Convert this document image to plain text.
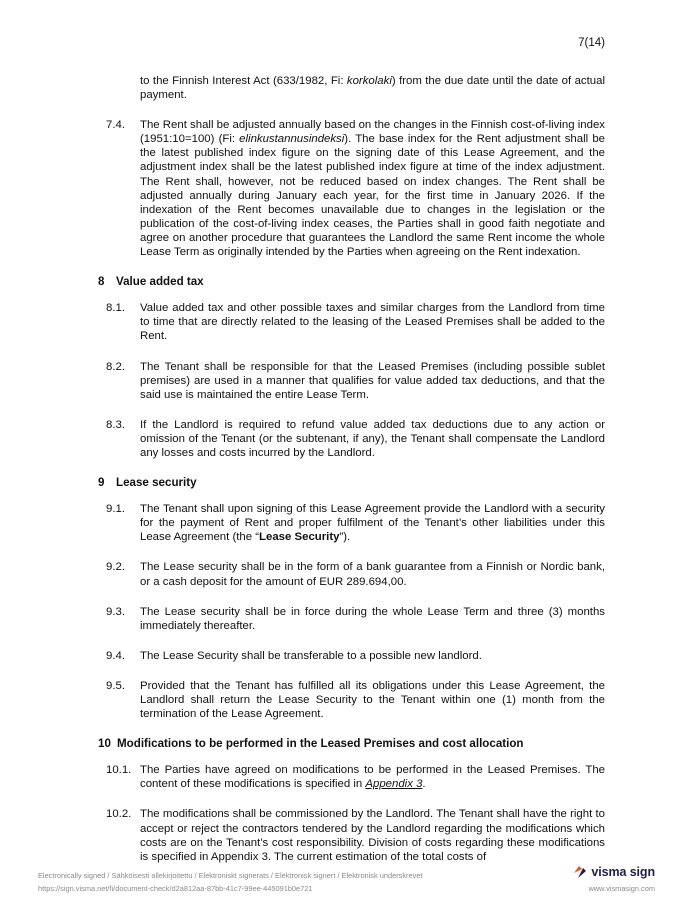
7(14)

to the Finnish Interest Act (633/1982, Fi: korkolaki) from the due date until the date of actual payment.

7.4. The Rent shall be adjusted annually based on the changes in the Finnish cost-of-living index (1951:10=100) (Fi: elinkustannusindeksi). The base index for the Rent adjustment shall be the latest published index figure on the signing date of this Lease Agreement, and the adjustment index shall be the latest published index figure at time of the index adjustment. The Rent shall, however, not be reduced based on index changes. The Rent shall be adjusted annually during January each year, for the first time in January 2026. If the indexation of the Rent becomes unavailable due to changes in the legislation or the publication of the cost-of-living index ceases, the Parties shall in good faith negotiate and agree on another procedure that guarantees the Landlord the same Rent income the whole Lease Term as originally intended by the Parties when agreeing on the Rent indexation.
8 Value added tax
8.1. Value added tax and other possible taxes and similar charges from the Landlord from time to time that are directly related to the leasing of the Leased Premises shall be added to the Rent.
8.2. The Tenant shall be responsible for that the Leased Premises (including possible sublet premises) are used in a manner that qualifies for value added tax deductions, and that the said use is maintained the entire Lease Term.
8.3. If the Landlord is required to refund value added tax deductions due to any action or omission of the Tenant (or the subtenant, if any), the Tenant shall compensate the Landlord any losses and costs incurred by the Landlord.
9 Lease security
9.1. The Tenant shall upon signing of this Lease Agreement provide the Landlord with a security for the payment of Rent and proper fulfilment of the Tenant’s other liabilities under this Lease Agreement (the “Lease Security”).
9.2. The Lease security shall be in the form of a bank guarantee from a Finnish or Nordic bank, or a cash deposit for the amount of EUR 289.694,00.
9.3. The Lease security shall be in force during the whole Lease Term and three (3) months immediately thereafter.
9.4. The Lease Security shall be transferable to a possible new landlord.
9.5. Provided that the Tenant has fulfilled all its obligations under this Lease Agreement, the Landlord shall return the Lease Security to the Tenant within one (1) month from the termination of the Lease Agreement.
10 Modifications to be performed in the Leased Premises and cost allocation
10.1. The Parties have agreed on modifications to be performed in the Leased Premises. The content of these modifications is specified in Appendix 3.
10.2. The modifications shall be commissioned by the Landlord. The Tenant shall have the right to accept or reject the contractors tendered by the Landlord regarding the modifications which costs are on the Tenant’s cost responsibility. Division of costs regarding these modifications is specified in Appendix 3. The current estimation of the total costs of
Electronically signed / Sähköisesti allekirjoitettu / Elektroniskt signerats / Elektronisk signert / Elektronisk underskrevet
https://sign.visma.net/fi/document-check/d2a812aa-87bb-41c7-99ee-445091b0e721
visma sign
www.vismasign.com
